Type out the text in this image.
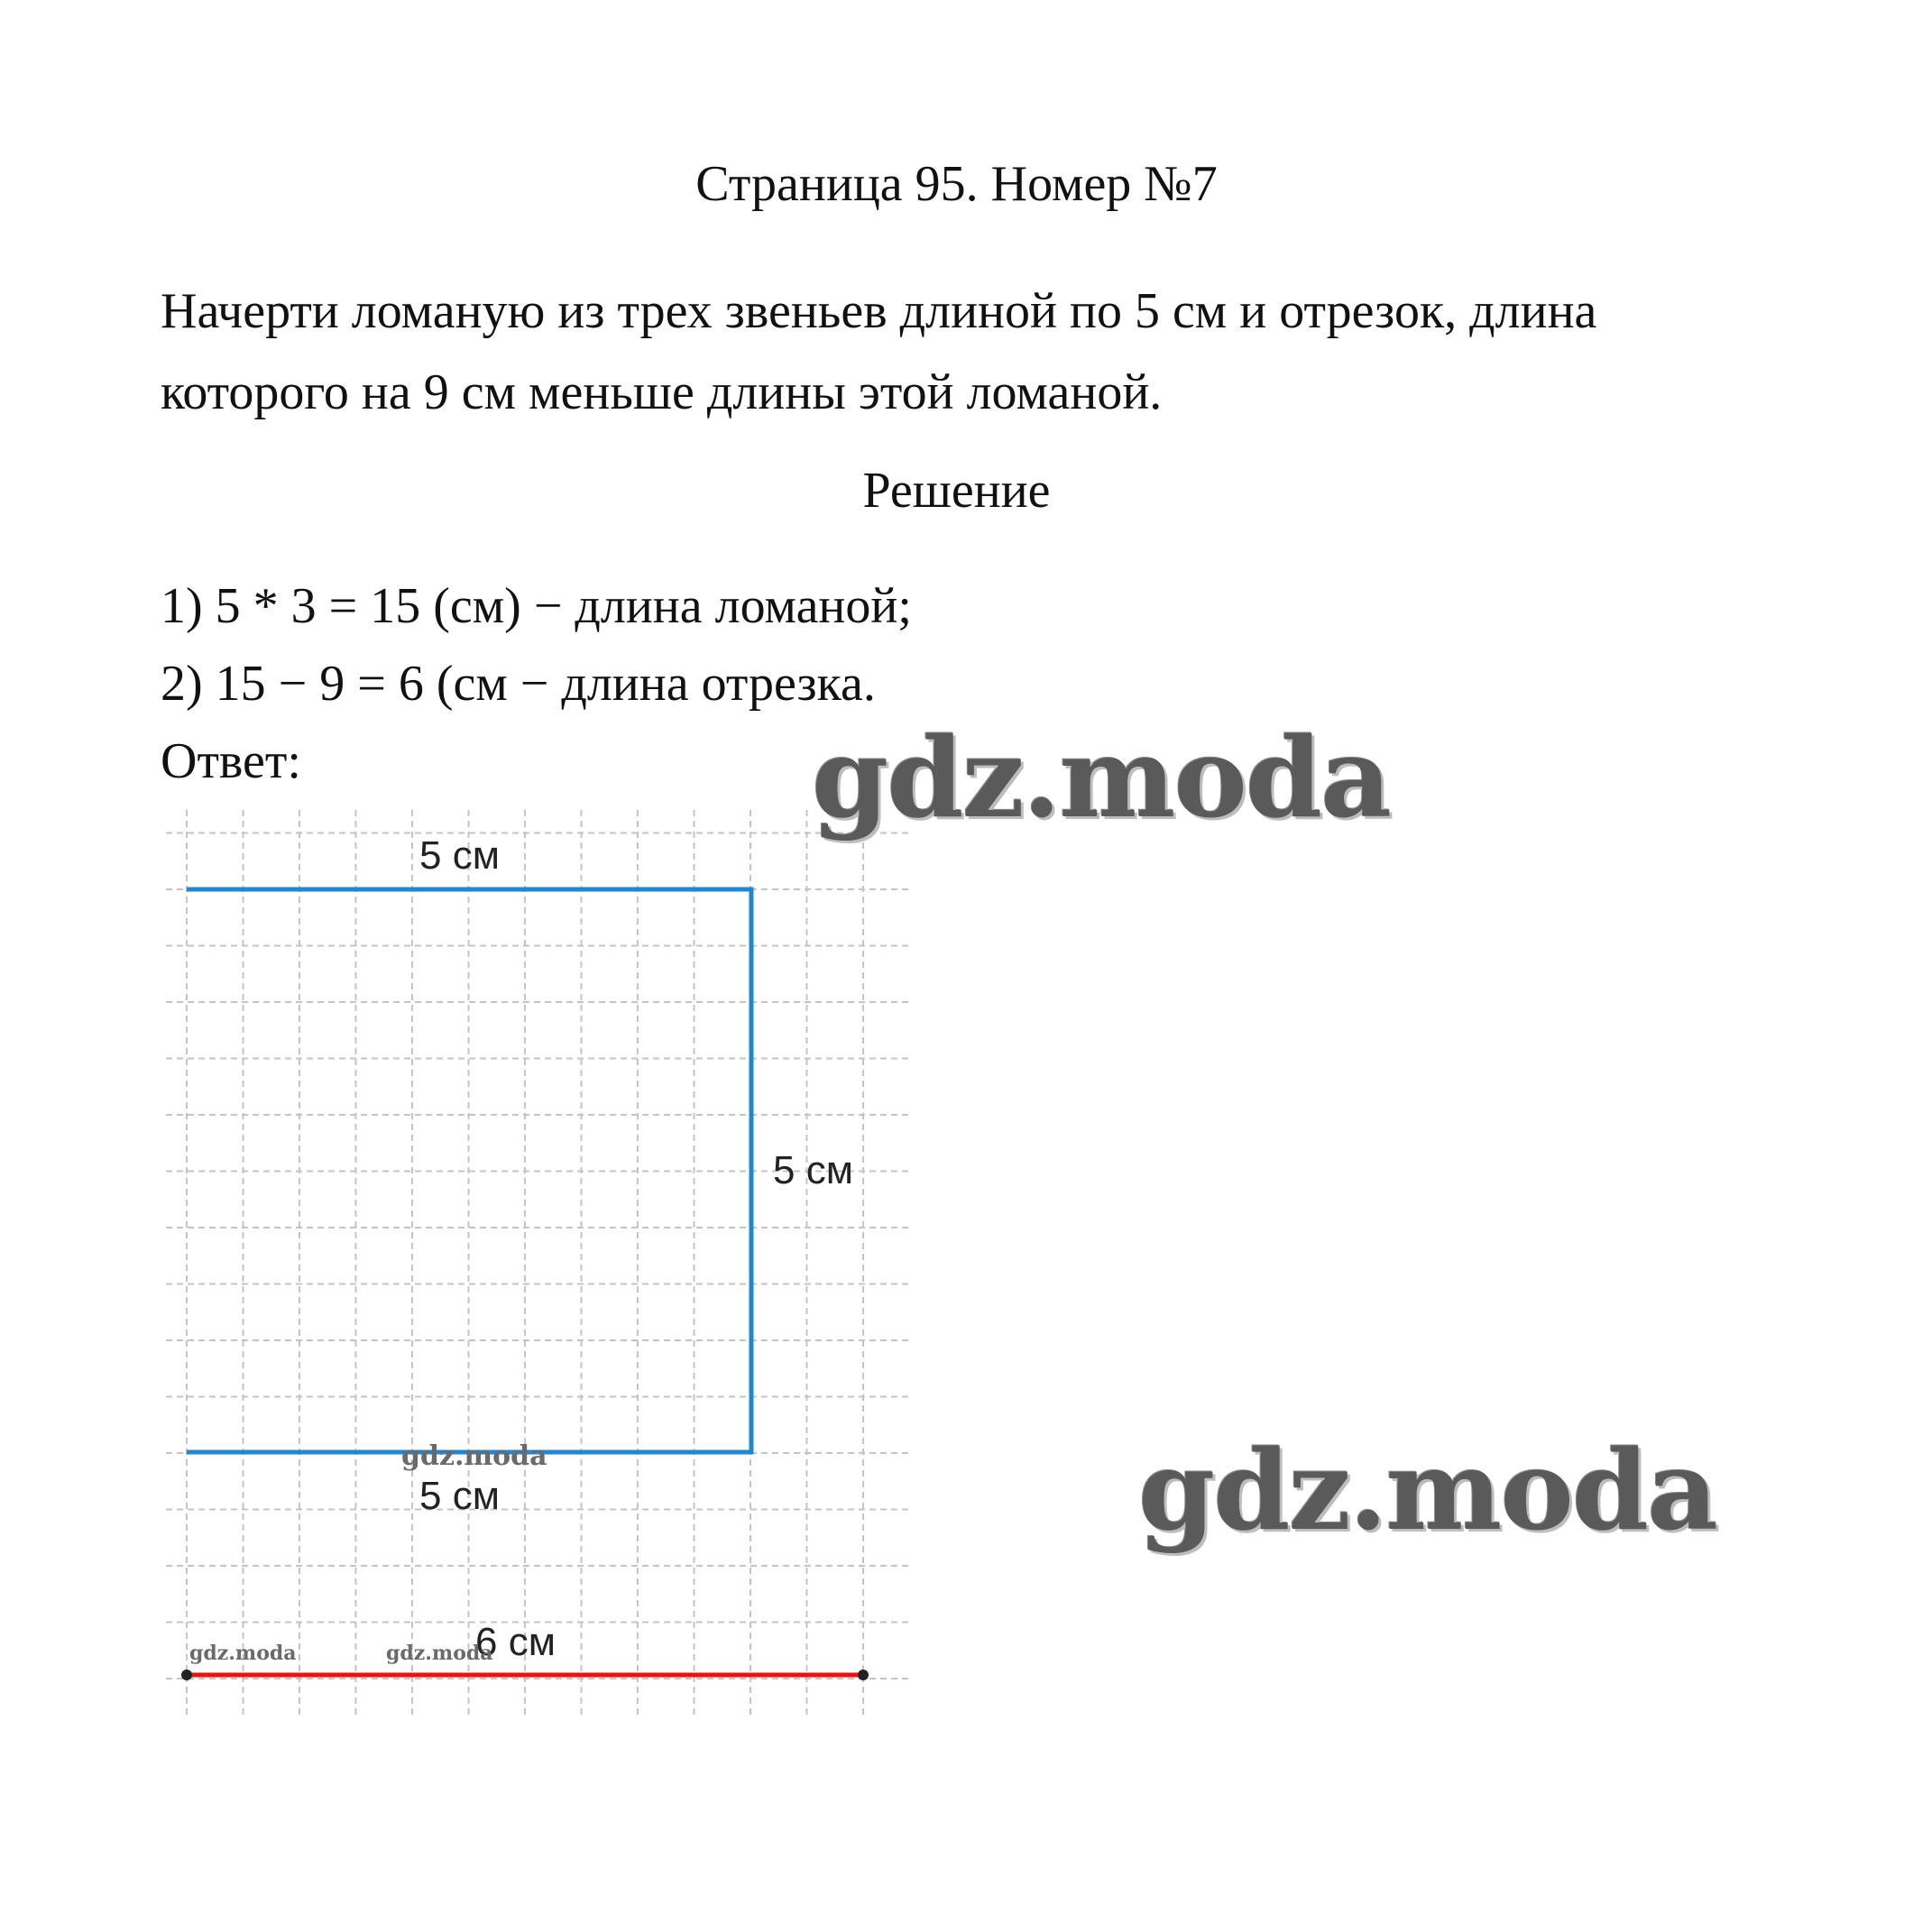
Страница 95. Номер №7
Начерти ломаную из трех звеньев длиной по 5 см и отрезок, длина
которого на 9 см меньше длины этой ломаной.
Решение
1) 5 * 3 = 15 (см) − длина ломаной;
2) 15 − 9 = 6 (см − длина отрезка.
Ответ:
5 см
5 см
5 см
6 см
gdz.moda
gdz.moda
gdz.moda
gdz.moda	gdz.moda
